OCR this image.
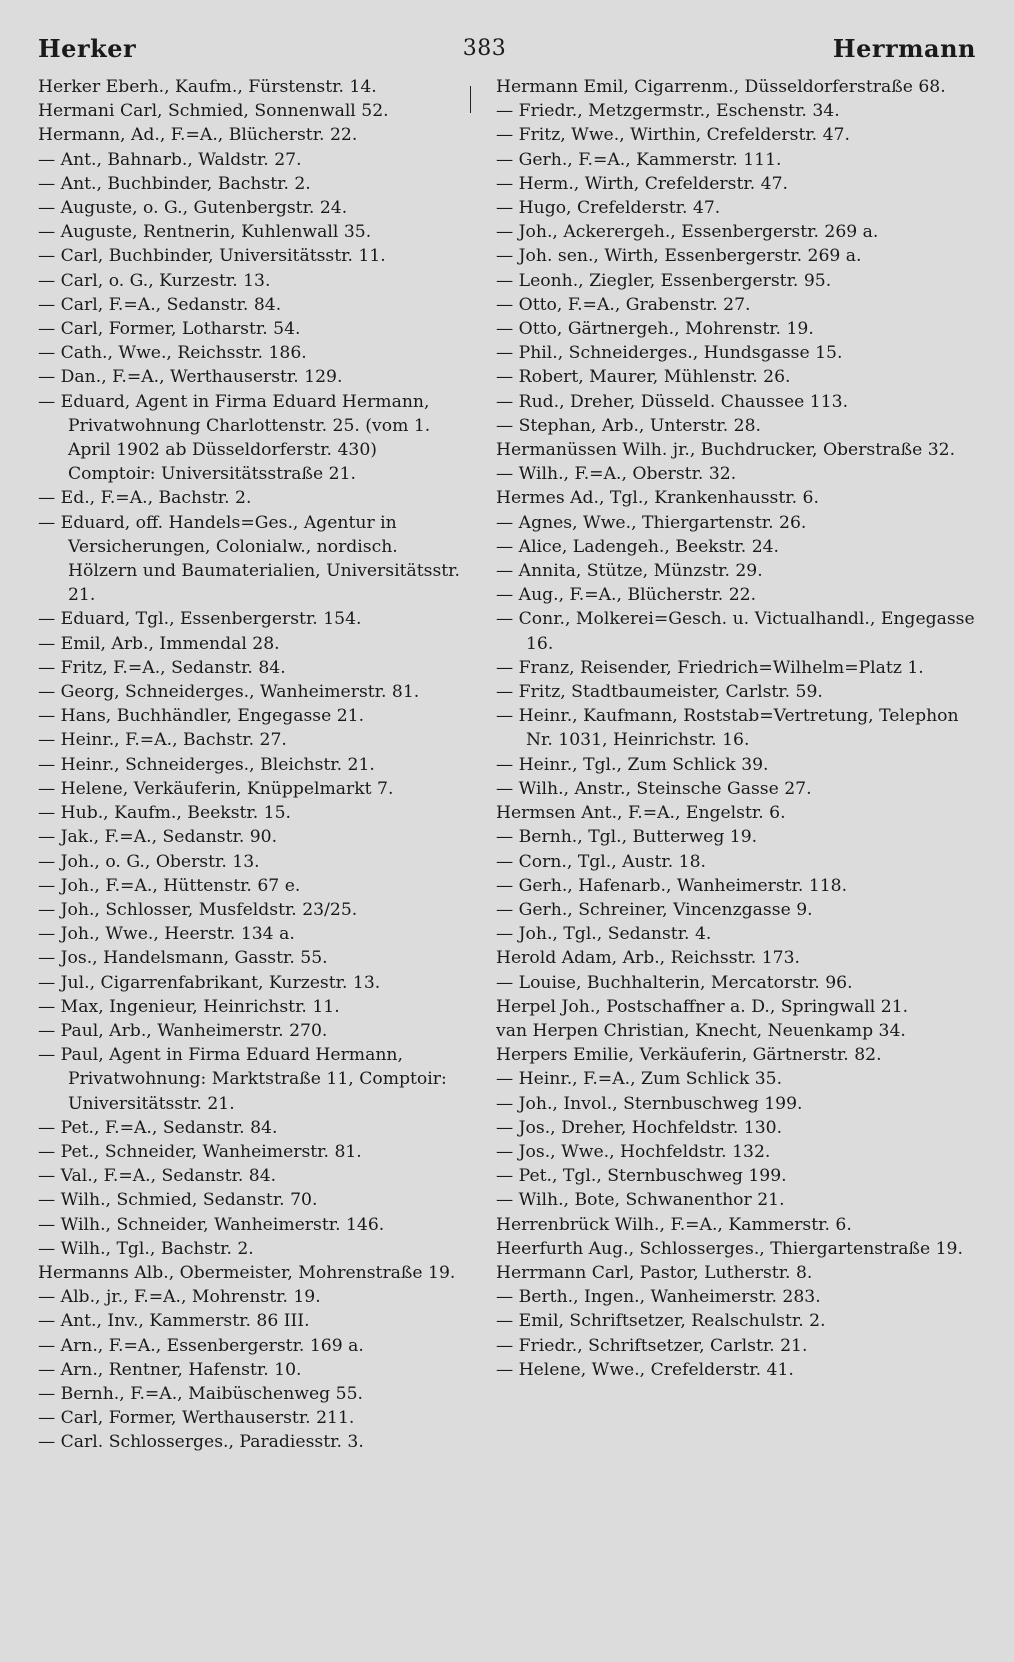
Herker	383	Herrmann
Herker Eberh., Kaufm., Fürstenstr. 14.
Hermani Carl, Schmied, Sonnenwall 52.
Hermann, Ad., F.=A., Blücherstr. 22.
— Ant., Bahnarb., Waldstr. 27.
— Ant., Buchbinder, Bachstr. 2.
— Auguste, o. G., Gutenbergstr. 24.
— Auguste, Rentnerin, Kuhlenwall 35.
— Carl, Buchbinder, Universitätsstr. 11.
— Carl, o. G., Kurzestr. 13.
— Carl, F.=A., Sedanstr. 84.
— Carl, Former, Lotharstr. 54.
— Cath., Wwe., Reichsstr. 186.
— Dan., F.=A., Werthauserstr. 129.
— Eduard, Agent in Firma Eduard Hermann, Privatwohnung Charlottenstr. 25. (vom 1. April 1902 ab Düsseldorferstr. 430) Comptoir: Universitätsstraße 21.
— Ed., F.=A., Bachstr. 2.
— Eduard, off. Handels=Ges., Agentur in Versicherungen, Colonialw., nordisch. Hölzern und Baumaterialien, Universitätsstr. 21.
— Eduard, Tgl., Essenbergerstr. 154.
— Emil, Arb., Immendal 28.
— Fritz, F.=A., Sedanstr. 84.
— Georg, Schneiderges., Wanheimerstr. 81.
— Hans, Buchhändler, Engegasse 21.
— Heinr., F.=A., Bachstr. 27.
— Heinr., Schneiderges., Bleichstr. 21.
— Helene, Verkäuferin, Knüppelmarkt 7.
— Hub., Kaufm., Beekstr. 15.
— Jak., F.=A., Sedanstr. 90.
— Joh., o. G., Oberstr. 13.
— Joh., F.=A., Hüttenstr. 67 e.
— Joh., Schlosser, Musfeldstr. 23/25.
— Joh., Wwe., Heerstr. 134 a.
— Jos., Handelsmann, Gasstr. 55.
— Jul., Cigarrenfabrikant, Kurzestr. 13.
— Max, Ingenieur, Heinrichstr. 11.
— Paul, Arb., Wanheimerstr. 270.
— Paul, Agent in Firma Eduard Hermann, Privatwohnung: Marktstraße 11, Comptoir: Universitätsstr. 21.
— Pet., F.=A., Sedanstr. 84.
— Pet., Schneider, Wanheimerstr. 81.
— Val., F.=A., Sedanstr. 84.
— Wilh., Schmied, Sedanstr. 70.
— Wilh., Schneider, Wanheimerstr. 146.
— Wilh., Tgl., Bachstr. 2.
Hermanns Alb., Obermeister, Mohrenstraße 19.
— Alb., jr., F.=A., Mohrenstr. 19.
— Ant., Inv., Kammerstr. 86 III.
— Arn., F.=A., Essenbergerstr. 169 a.
— Arn., Rentner, Hafenstr. 10.
— Bernh., F.=A., Maibüschenweg 55.
— Carl, Former, Werthauserstr. 211.
— Carl. Schlosserges., Paradiesstr. 3.
Hermann Emil, Cigarrenm., Düsseldorferstraße 68.
— Friedr., Metzgermstr., Eschenstr. 34.
— Fritz, Wwe., Wirthin, Crefelderstr. 47.
— Gerh., F.=A., Kammerstr. 111.
— Herm., Wirth, Crefelderstr. 47.
— Hugo, Crefelderstr. 47.
— Joh., Ackerergeh., Essenbergerstr. 269 a.
— Joh. sen., Wirth, Essenbergerstr. 269 a.
— Leonh., Ziegler, Essenbergerstr. 95.
— Otto, F.=A., Grabenstr. 27.
— Otto, Gärtnergeh., Mohrenstr. 19.
— Phil., Schneiderges., Hundsgasse 15.
— Robert, Maurer, Mühlenstr. 26.
— Rud., Dreher, Düsseld. Chaussee 113.
— Stephan, Arb., Unterstr. 28.
Hermanüssen Wilh. jr., Buchdrucker, Oberstraße 32.
— Wilh., F.=A., Oberstr. 32.
Hermes Ad., Tgl., Krankenhausstr. 6.
— Agnes, Wwe., Thiergartenstr. 26.
— Alice, Ladengeh., Beekstr. 24.
— Annita, Stütze, Münzstr. 29.
— Aug., F.=A., Blücherstr. 22.
— Conr., Molkerei=Gesch. u. Victualhandl., Engegasse 16.
— Franz, Reisender, Friedrich=Wilhelm=Platz 1.
— Fritz, Stadtbaumeister, Carlstr. 59.
— Heinr., Kaufmann, Roststab=Vertretung, Telephon Nr. 1031, Heinrichstr. 16.
— Heinr., Tgl., Zum Schlick 39.
— Wilh., Anstr., Steinsche Gasse 27.
Hermsen Ant., F.=A., Engelstr. 6.
— Bernh., Tgl., Butterweg 19.
— Corn., Tgl., Austr. 18.
— Gerh., Hafenarb., Wanheimerstr. 118.
— Gerh., Schreiner, Vincenzgasse 9.
— Joh., Tgl., Sedanstr. 4.
Herold Adam, Arb., Reichsstr. 173.
— Louise, Buchhalterin, Mercatorstr. 96.
Herpel Joh., Postschaffner a. D., Springwall 21.
van Herpen Christian, Knecht, Neuenkamp 34.
Herpers Emilie, Verkäuferin, Gärtnerstr. 82.
— Heinr., F.=A., Zum Schlick 35.
— Joh., Invol., Sternbuschweg 199.
— Jos., Dreher, Hochfeldstr. 130.
— Jos., Wwe., Hochfeldstr. 132.
— Pet., Tgl., Sternbuschweg 199.
— Wilh., Bote, Schwanenthor 21.
Herrenbrück Wilh., F.=A., Kammerstr. 6.
Heerfurth Aug., Schlosserges., Thiergartenstraße 19.
Herrmann Carl, Pastor, Lutherstr. 8.
— Berth., Ingen., Wanheimerstr. 283.
— Emil, Schriftsetzer, Realschulstr. 2.
— Friedr., Schriftsetzer, Carlstr. 21.
— Helene, Wwe., Crefelderstr. 41.
